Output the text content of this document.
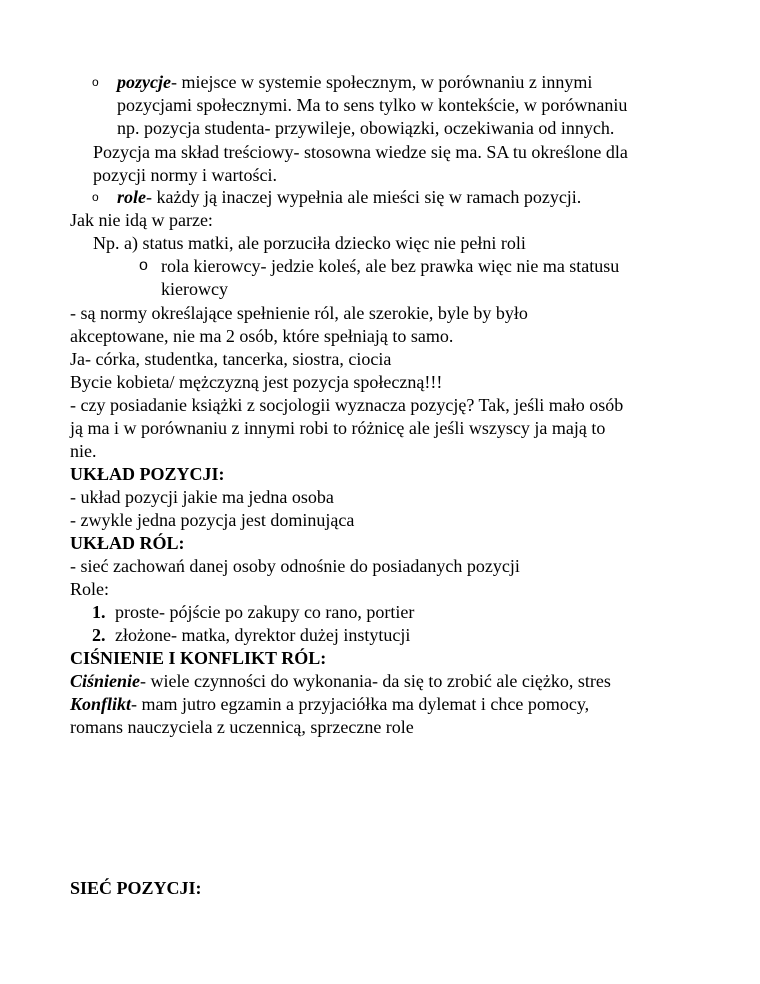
o pozycje- miejsce w systemie społecznym, w porównaniu z innymi
pozycjami społecznymi. Ma to sens tylko w kontekście, w porównaniu
np. pozycja studenta- przywileje, obowiązki, oczekiwania od innych.
Pozycja ma skład treściowy- stosowna wiedze się ma. SA tu określone dla
pozycji normy i wartości.
o role- każdy ją inaczej wypełnia ale mieści się w ramach pozycji.
Jak nie idą w parze:
Np. a) status matki, ale porzuciła dziecko więc nie pełni roli
o rola kierowcy- jedzie koleś, ale bez prawka więc nie ma statusu
kierowcy
- są normy określające spełnienie ról, ale szerokie, byle by było
akceptowane, nie ma 2 osób, które spełniają to samo.
Ja- córka, studentka, tancerka, siostra, ciocia
Bycie kobieta/ mężczyzną jest pozycja społeczną!!!
- czy posiadanie książki z socjologii wyznacza pozycję? Tak, jeśli mało osób
ją ma i w porównaniu z innymi robi to różnicę ale jeśli wszyscy ja mają to
nie.
UKŁAD POZYCJI:
- układ pozycji jakie ma jedna osoba
- zwykle jedna pozycja jest dominująca
UKŁAD RÓL:
- sieć zachowań danej osoby odnośnie do posiadanych pozycji
Role:
1. proste- pójście po zakupy co rano, portier
2. złożone- matka, dyrektor dużej instytucji
CIŚNIENIE I KONFLIKT RÓL:
Ciśnienie- wiele czynności do wykonania- da się to zrobić ale ciężko, stres
Konflikt- mam jutro egzamin a przyjaciółka ma dylemat i chce pomocy,
romans nauczyciela z uczennicą, sprzeczne role
SIEĆ POZYCJI:
